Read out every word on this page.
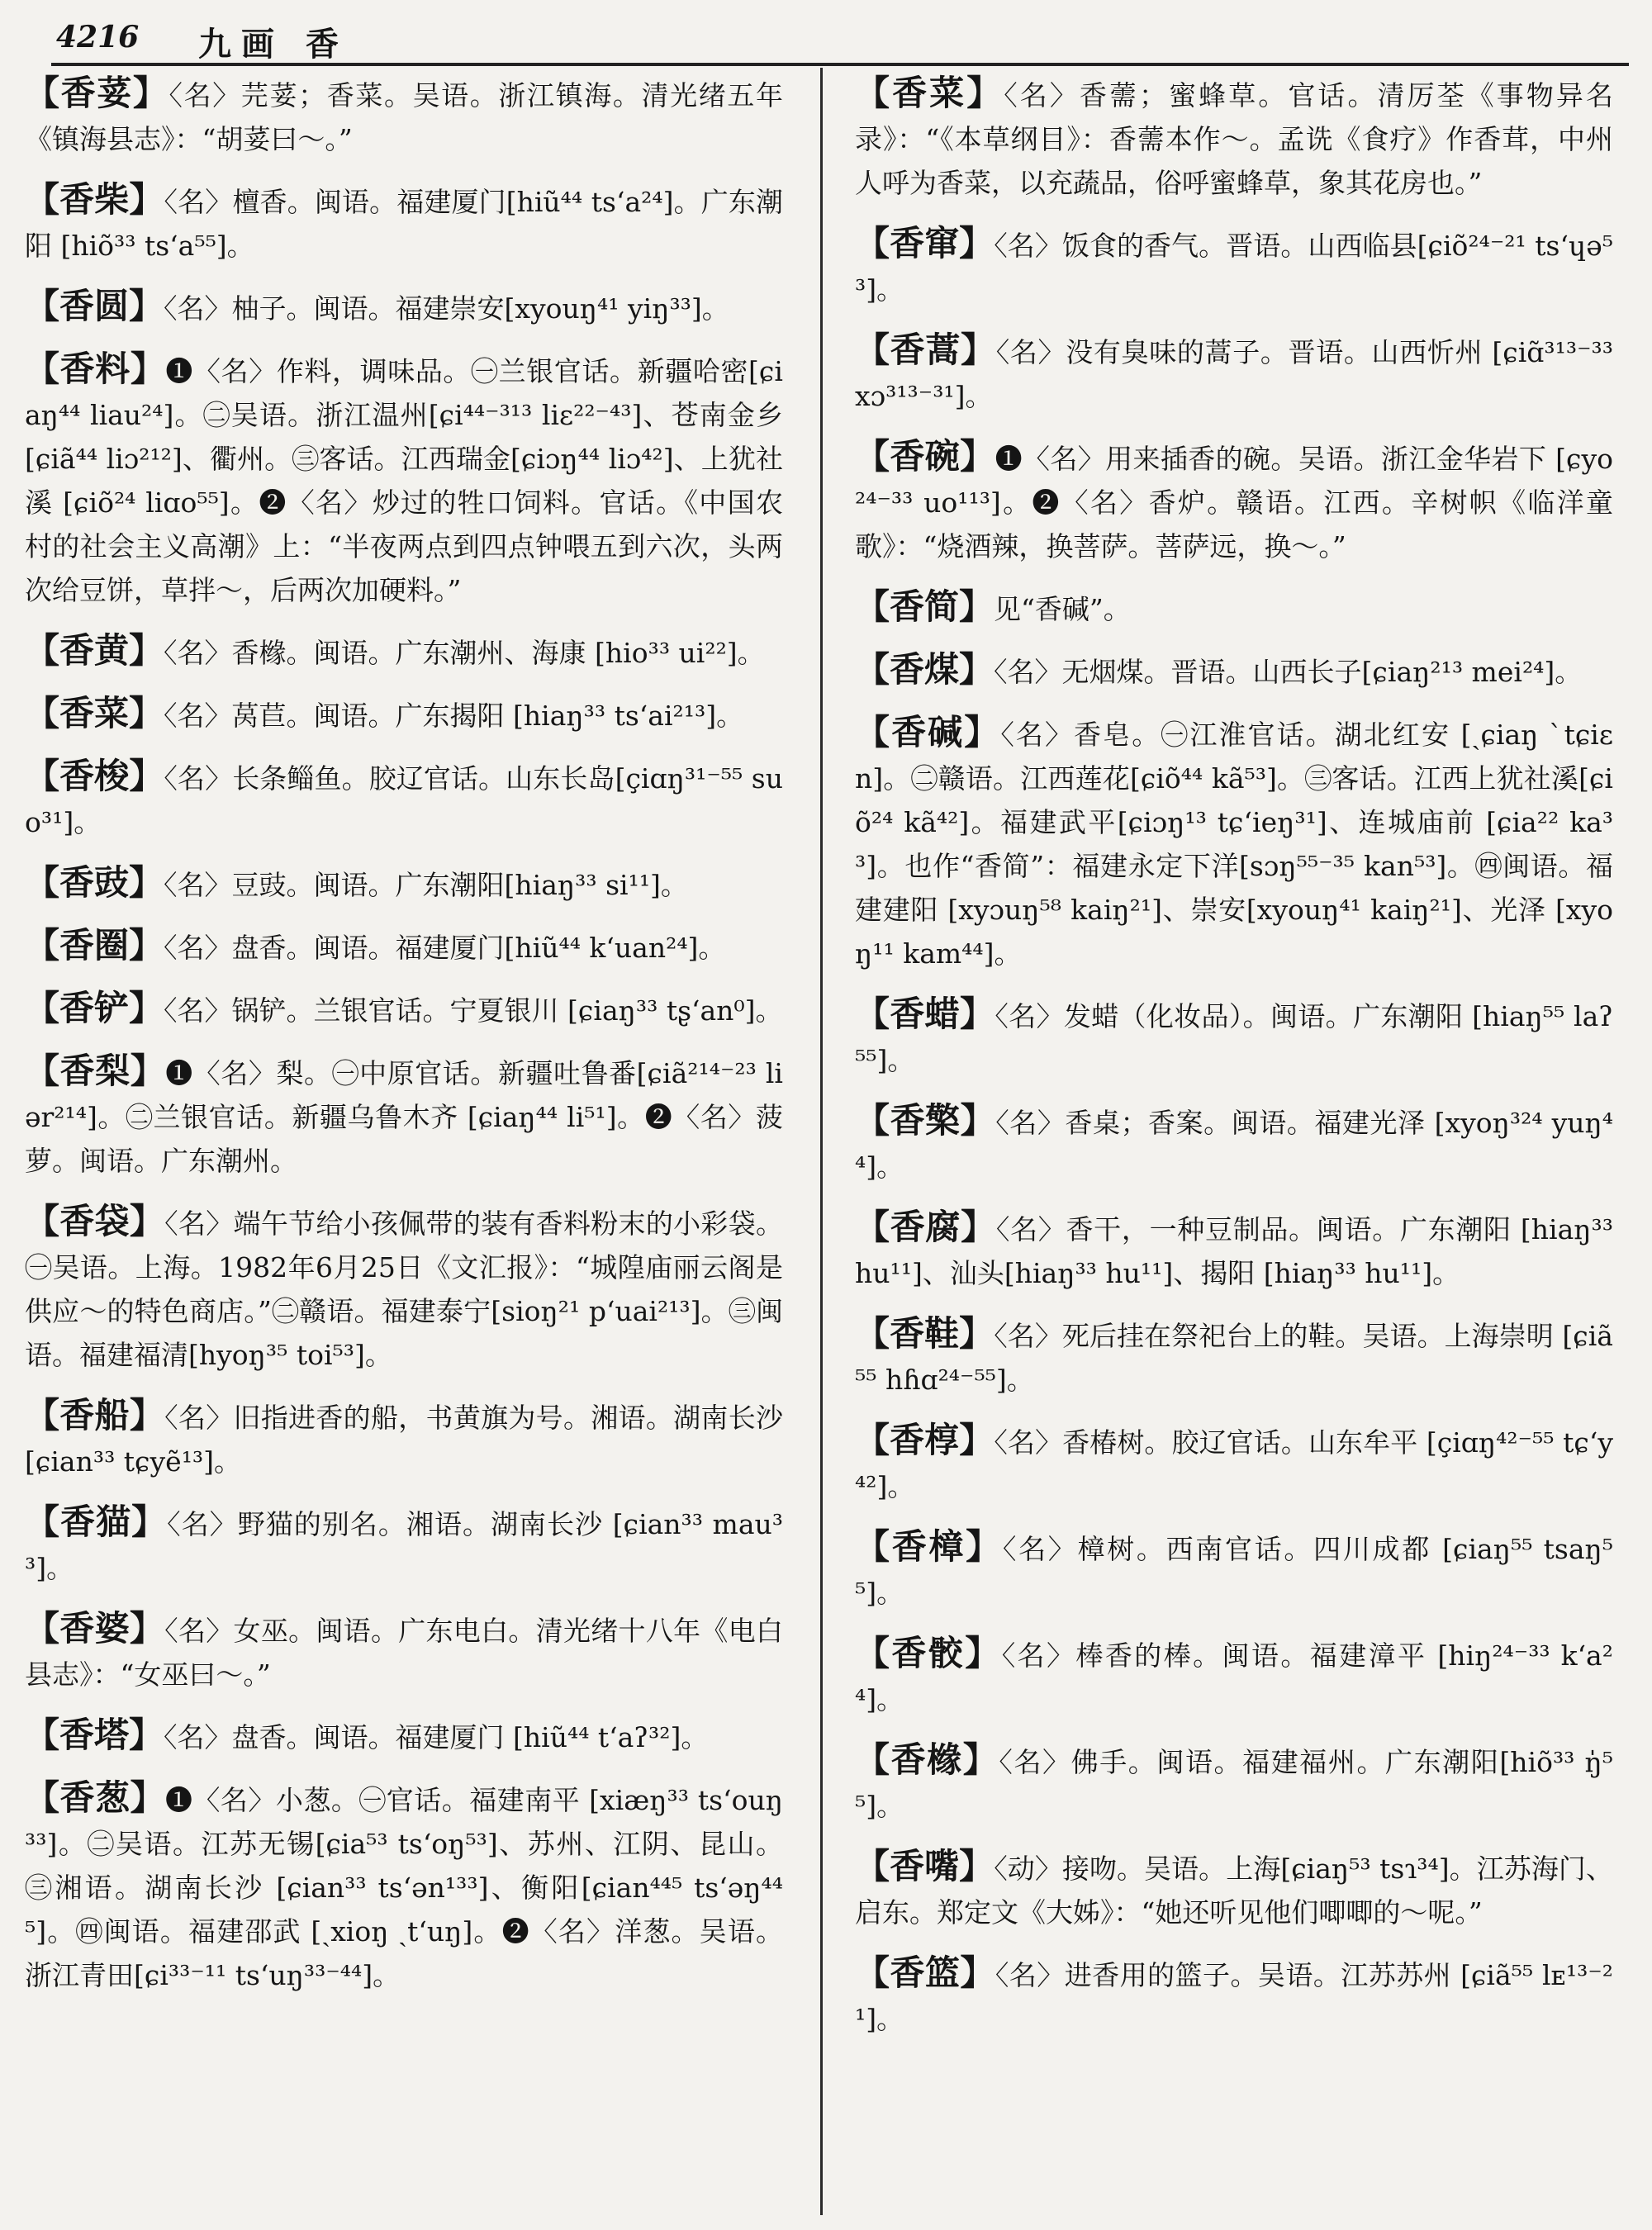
4216 九画 香

【香荽】〈名〉芫荽；香菜。吴语。浙江镇海。清光绪五年《镇海县志》：“胡荽曰～。”

【香柴】〈名〉檀香。闽语。福建厦门[hiũ⁴⁴ ts‘a²⁴]。广东潮阳 [hiõ³³ ts‘a⁵⁵]。

【香圆】〈名〉柚子。闽语。福建崇安[xyouŋ⁴¹ yiŋ³³]。

【香料】❶〈名〉作料，调味品。㊀兰银官话。新疆哈密[ɕiaŋ⁴⁴ liau²⁴]。㊁吴语。浙江温州[ɕi⁴⁴⁻³¹³ liɛ²²⁻⁴³]、苍南金乡 [ɕiã⁴⁴ liɔ²¹²]、衢州。㊂客话。江西瑞金[ɕiɔŋ⁴⁴ liɔ⁴²]、上犹社溪 [ɕiõ²⁴ liɑo⁵⁵]。❷〈名〉炒过的牲口饲料。官话。《中国农村的社会主义高潮》上：“半夜两点到四点钟喂五到六次，头两次给豆饼，草拌～，后两次加硬料。”

【香黄】〈名〉香橼。闽语。广东潮州、海康 [hio³³ ui²²]。

【香菜】〈名〉莴苣。闽语。广东揭阳 [hiaŋ³³ ts‘ai²¹³]。

【香梭】〈名〉长条鲻鱼。胶辽官话。山东长岛[çiɑŋ³¹⁻⁵⁵ suo³¹]。

【香豉】〈名〉豆豉。闽语。广东潮阳[hiaŋ³³ si¹¹]。

【香圈】〈名〉盘香。闽语。福建厦门[hiũ⁴⁴ k‘uan²⁴]。

【香铲】〈名〉锅铲。兰银官话。宁夏银川 [ɕiaŋ³³ tʂ‘an⁰]。

【香梨】❶〈名〉梨。㊀中原官话。新疆吐鲁番[ɕiã²¹⁴⁻²³ liər²¹⁴]。㊁兰银官话。新疆乌鲁木齐 [ɕiaŋ⁴⁴ li⁵¹]。❷〈名〉菠萝。闽语。广东潮州。

【香袋】〈名〉端午节给小孩佩带的装有香料粉末的小彩袋。㊀吴语。上海。1982年6月25日《文汇报》：“城隍庙丽云阁是供应～的特色商店。”㊁赣语。福建泰宁[sioŋ²¹ p‘uai²¹³]。㊂闽语。福建福清[hyoŋ³⁵ toi⁵³]。

【香船】〈名〉旧指进香的船，书黄旗为号。湘语。湖南长沙 [ɕian³³ tɕyẽ¹³]。

【香猫】〈名〉野猫的别名。湘语。湖南长沙 [ɕian³³ mau³³]。

【香婆】〈名〉女巫。闽语。广东电白。清光绪十八年《电白县志》：“女巫曰～。”

【香塔】〈名〉盘香。闽语。福建厦门 [hiũ⁴⁴ t‘aʔ³²]。

【香葱】❶〈名〉小葱。㊀官话。福建南平 [xiæŋ³³ ts‘ouŋ³³]。㊁吴语。江苏无锡[ɕia⁵³ ts‘oŋ⁵³]、苏州、江阴、昆山。㊂湘语。湖南长沙 [ɕian³³ ts‘ən¹³³]、衡阳[ɕian⁴⁴⁵ ts‘əŋ⁴⁴⁵]。㊃闽语。福建邵武 [ˏxioŋ ˏt‘uŋ]。❷〈名〉洋葱。吴语。浙江青田[ɕi³³⁻¹¹ ts‘uŋ³³⁻⁴⁴]。

【香菜】〈名〉香薷；蜜蜂草。官话。清厉荃《事物异名录》：“《本草纲目》：香薷本作～。孟诜《食疗》作香茸，中州人呼为香菜，以充蔬品，俗呼蜜蜂草，象其花房也。”

【香窜】〈名〉饭食的香气。晋语。山西临县[ɕiõ²⁴⁻²¹ ts‘ɥə⁵³]。

【香蒿】〈名〉没有臭味的蒿子。晋语。山西忻州 [ɕiɑ̃³¹³⁻³³ xɔ³¹³⁻³¹]。

【香碗】❶〈名〉用来插香的碗。吴语。浙江金华岩下 [ɕyo²⁴⁻³³ uo¹¹³]。❷〈名〉香炉。赣语。江西。辛树帜《临洋童歌》：“烧酒辣，换菩萨。菩萨远，换～。”

【香简】见“香碱”。

【香煤】〈名〉无烟煤。晋语。山西长子[ɕiaŋ²¹³ mei²⁴]。

【香碱】〈名〉香皂。㊀江淮官话。湖北红安 [ˏɕiaŋ ˋtɕiɛn]。㊁赣语。江西莲花[ɕiõ⁴⁴ kã⁵³]。㊂客话。江西上犹社溪[ɕiõ²⁴ kã⁴²]。福建武平[ɕiɔŋ¹³ tɕ‘ieŋ³¹]、连城庙前 [ɕia²² ka³³]。也作“香简”：福建永定下洋[sɔŋ⁵⁵⁻³⁵ kan⁵³]。㊃闽语。福建建阳 [xyɔuŋ⁵⁸ kaiŋ²¹]、崇安[xyouŋ⁴¹ kaiŋ²¹]、光泽 [xyoŋ¹¹ kam⁴⁴]。

【香蜡】〈名〉发蜡（化妆品）。闽语。广东潮阳 [hiaŋ⁵⁵ laʔ⁵⁵]。

【香檠】〈名〉香桌；香案。闽语。福建光泽 [xyoŋ³²⁴ yuŋ⁴⁴]。

【香腐】〈名〉香干，一种豆制品。闽语。广东潮阳 [hiaŋ³³ hu¹¹]、汕头[hiaŋ³³ hu¹¹]、揭阳 [hiaŋ³³ hu¹¹]。

【香鞋】〈名〉死后挂在祭祀台上的鞋。吴语。上海崇明 [ɕiã⁵⁵ hɦɑ²⁴⁻⁵⁵]。

【香椁】〈名〉香椿树。胶辽官话。山东牟平 [çiɑŋ⁴²⁻⁵⁵ tɕ‘y⁴²]。

【香樟】〈名〉樟树。西南官话。四川成都 [ɕiaŋ⁵⁵ tsaŋ⁵⁵]。

【香骹】〈名〉棒香的棒。闽语。福建漳平 [hiŋ²⁴⁻³³ k‘a²⁴]。

【香橼】〈名〉佛手。闽语。福建福州。广东潮阳[hiõ³³ ŋ̍⁵⁵]。

【香嘴】〈动〉接吻。吴语。上海[ɕiaŋ⁵³ tsɿ³⁴]。江苏海门、启东。郑定文《大姊》：“她还听见他们唧唧的～呢。”

【香篮】〈名〉进香用的篮子。吴语。江苏苏州 [ɕiã⁵⁵ lᴇ¹³⁻²¹]。
